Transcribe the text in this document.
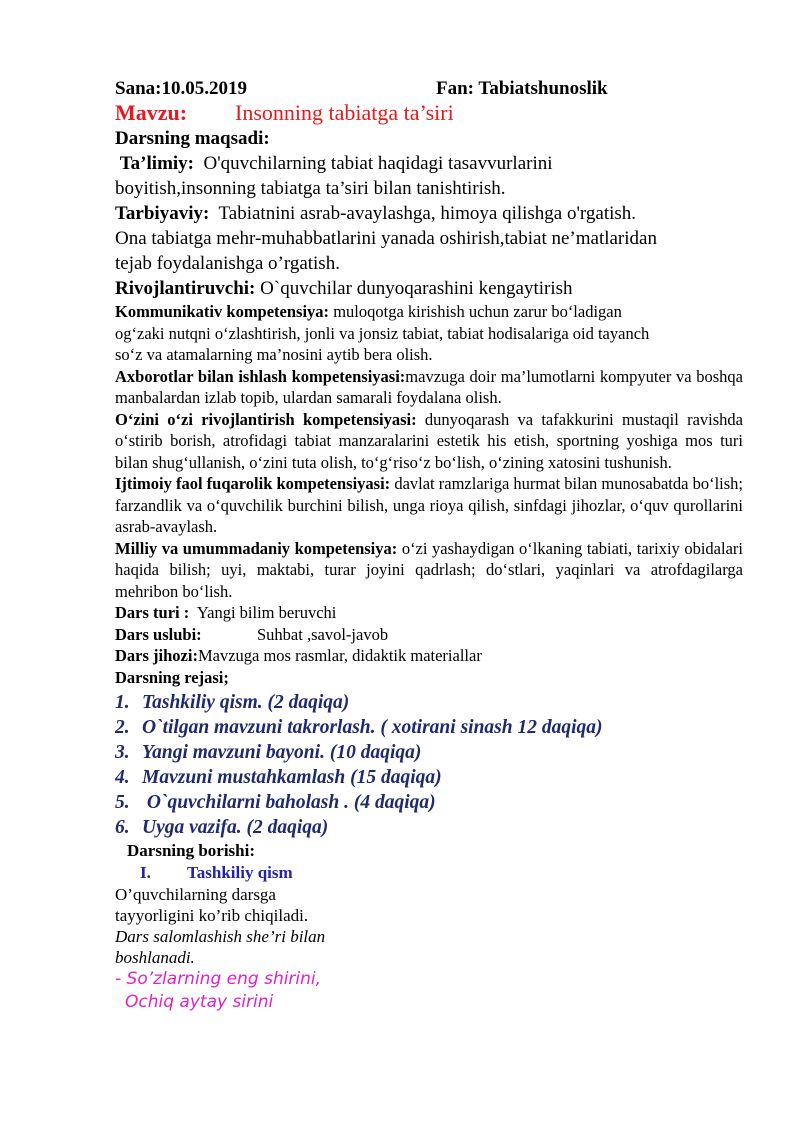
Sana:10.05.2019	Fan: Tabiatshunoslik
Mavzu: Insonning tabiatga ta’siri
Darsning maqsadi:
Ta’limiy: O'quvchilarning tabiat haqidagi tasavvurlarini
boyitish,insonning tabiatga ta’siri bilan tanishtirish.
Tarbiyaviy: Tabiatnini asrab-avaylashga, himoya qilishga o'rgatish.
Ona tabiatga mehr-muhabbatlarini yanada oshirish,tabiat ne’matlaridan
tejab foydalanishga o’rgatish.
Rivojlantiruvchi: O`quvchilar dunyoqarashini kengaytirish
Kommunikativ kompetensiya: muloqotga kirishish uchun zarur bo‘ladigan
og‘zaki nutqni o‘zlashtirish, jonli va jonsiz tabiat, tabiat hodisalariga oid tayanch
so‘z va atamalarning ma’nosini aytib bera olish.
Axborotlar bilan ishlash kompetensiyasi:mavzuga doir ma’lumotlarni kompyuter va boshqa manbalardan izlab topib, ulardan samarali foydalana olish.
O‘zini o‘zi rivojlantirish kompetensiyasi: dunyoqarash va tafakkurini mustaqil ravishda o‘stirib borish, atrofidagi tabiat manzaralarini estetik his etish, sportning yoshiga mos turi bilan shug‘ullanish, o‘zini tuta olish, to‘g‘riso‘z bo‘lish, o‘zining xatosini tushunish.
Ijtimoiy faol fuqarolik kompetensiyasi: davlat ramzlariga hurmat bilan munosabatda bo‘lish; farzandlik va o‘quvchilik burchini bilish, unga rioya qilish, sinfdagi jihozlar, o‘quv qurollarini asrab-avaylash.
Milliy va umummadaniy kompetensiya: o‘zi yashaydigan o‘lkaning tabiati, tarixiy obidalari haqida bilish; uyi, maktabi, turar joyini qadrlash; do‘stlari, yaqinlari va atrofdagilarga mehribon bo‘lish.
Dars turi : Yangi bilim beruvchi
Dars uslubi:	Suhbat ,savol-javob
Dars jihozi:Mavzuga mos rasmlar, didaktik materiallar
Darsning rejasi;
1. Tashkiliy qism. (2 daqiqa)
2. O`tilgan mavzuni takrorlash. ( xotirani sinash 12 daqiqa)
3. Yangi mavzuni bayoni. (10 daqiqa)
4. Mavzuni mustahkamlash (15 daqiqa)
5. O`quvchilarni baholash . (4 daqiqa)
6. Uyga vazifa. (2 daqiqa)
Darsning borishi:
I. Tashkiliy qism
O’quvchilarning darsga
tayyorligini ko’rib chiqiladi.
Dars salomlashish she’ri bilan
boshlanadi.
- So’zlarning eng shirini,
Ochiq aytay sirini
